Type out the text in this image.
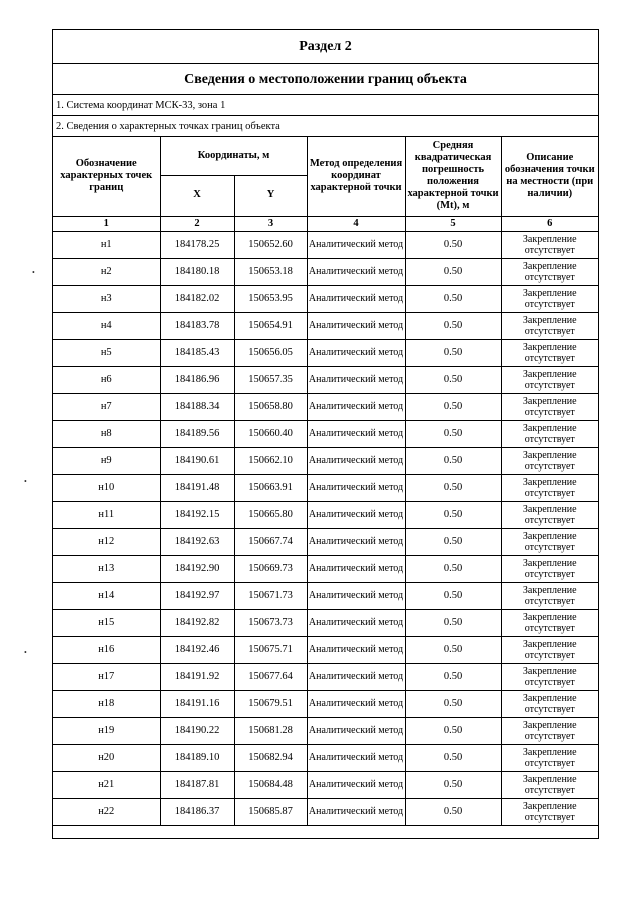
Раздел 2
Сведения о местоположении границ объекта
1. Система координат МСК-33, зона 1
2. Сведения о характерных точках границ объекта
Обозначение характерных точек границ	Координаты, м		Метод определения координат характерной точки	Средняя квадратическая погрешность положения характерной точки (Mt), м	Описание обозначения точки на местности (при наличии)
	X	Y			
1	2	3	4	5	6
н1	184178.25	150652.60	Аналитический метод	0.50	Закрепление отсутствует
н2	184180.18	150653.18	Аналитический метод	0.50	Закрепление отсутствует
н3	184182.02	150653.95	Аналитический метод	0.50	Закрепление отсутствует
н4	184183.78	150654.91	Аналитический метод	0.50	Закрепление отсутствует
н5	184185.43	150656.05	Аналитический метод	0.50	Закрепление отсутствует
н6	184186.96	150657.35	Аналитический метод	0.50	Закрепление отсутствует
н7	184188.34	150658.80	Аналитический метод	0.50	Закрепление отсутствует
н8	184189.56	150660.40	Аналитический метод	0.50	Закрепление отсутствует
н9	184190.61	150662.10	Аналитический метод	0.50	Закрепление отсутствует
н10	184191.48	150663.91	Аналитический метод	0.50	Закрепление отсутствует
н11	184192.15	150665.80	Аналитический метод	0.50	Закрепление отсутствует
н12	184192.63	150667.74	Аналитический метод	0.50	Закрепление отсутствует
н13	184192.90	150669.73	Аналитический метод	0.50	Закрепление отсутствует
н14	184192.97	150671.73	Аналитический метод	0.50	Закрепление отсутствует
н15	184192.82	150673.73	Аналитический метод	0.50	Закрепление отсутствует
н16	184192.46	150675.71	Аналитический метод	0.50	Закрепление отсутствует
н17	184191.92	150677.64	Аналитический метод	0.50	Закрепление отсутствует
н18	184191.16	150679.51	Аналитический метод	0.50	Закрепление отсутствует
н19	184190.22	150681.28	Аналитический метод	0.50	Закрепление отсутствует
н20	184189.10	150682.94	Аналитический метод	0.50	Закрепление отсутствует
н21	184187.81	150684.48	Аналитический метод	0.50	Закрепление отсутствует
н22	184186.37	150685.87	Аналитический метод	0.50	Закрепление отсутствует
•
•
•
